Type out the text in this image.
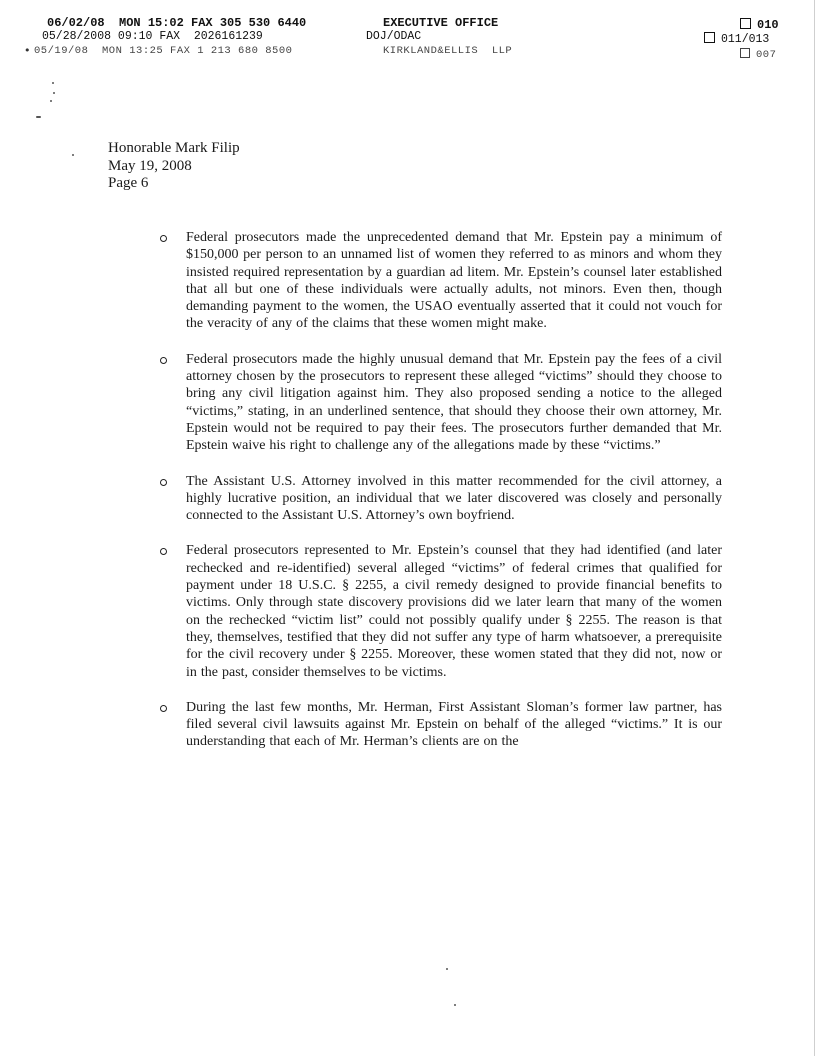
06/02/08  MON 15:02 FAX 305 530 6440	EXECUTIVE OFFICE	010
05/28/2008 09:10 FAX  2026161239	DOJ/ODAC	011/013
• 05/19/08  MON 13:25 FAX 1 213 680 8500	KIRKLAND&ELLIS  LLP	007
Honorable Mark Filip
May 19, 2008
Page 6
Federal prosecutors made the unprecedented demand that Mr. Epstein pay a minimum of $150,000 per person to an unnamed list of women they referred to as minors and whom they insisted required representation by a guardian ad litem. Mr. Epstein’s counsel later established that all but one of these individuals were actually adults, not minors. Even then, though demanding payment to the women, the USAO eventually asserted that it could not vouch for the veracity of any of the claims that these women might make.
Federal prosecutors made the highly unusual demand that Mr. Epstein pay the fees of a civil attorney chosen by the prosecutors to represent these alleged “victims” should they choose to bring any civil litigation against him. They also proposed sending a notice to the alleged “victims,” stating, in an underlined sentence, that should they choose their own attorney, Mr. Epstein would not be required to pay their fees. The prosecutors further demanded that Mr. Epstein waive his right to challenge any of the allegations made by these “victims.”
The Assistant U.S. Attorney involved in this matter recommended for the civil attorney, a highly lucrative position, an individual that we later discovered was closely and personally connected to the Assistant U.S. Attorney’s own boyfriend.
Federal prosecutors represented to Mr. Epstein’s counsel that they had identified (and later rechecked and re-identified) several alleged “victims” of federal crimes that qualified for payment under 18 U.S.C. § 2255, a civil remedy designed to provide financial benefits to victims. Only through state discovery provisions did we later learn that many of the women on the rechecked “victim list” could not possibly qualify under § 2255. The reason is that they, themselves, testified that they did not suffer any type of harm whatsoever, a prerequisite for the civil recovery under § 2255. Moreover, these women stated that they did not, now or in the past, consider themselves to be victims.
During the last few months, Mr. Herman, First Assistant Sloman’s former law partner, has filed several civil lawsuits against Mr. Epstein on behalf of the alleged “victims.” It is our understanding that each of Mr. Herman’s clients are on the
